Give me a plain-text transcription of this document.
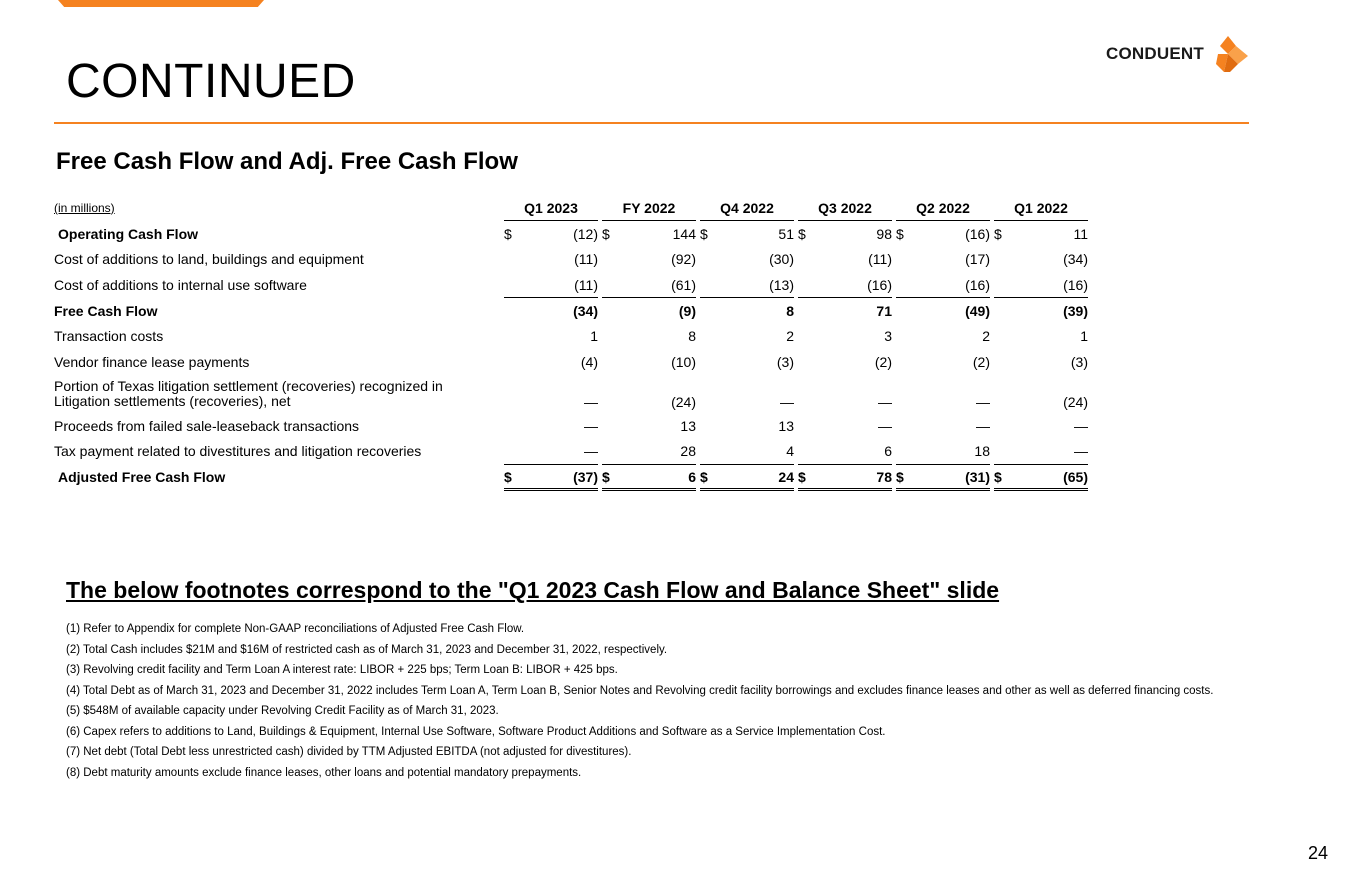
CONTINUED
CONDUENT
Free Cash Flow and Adj. Free Cash Flow
(in millions)		Q1 2023			FY 2022			Q4 2022			Q3 2022			Q2 2022			Q1 2022	
Operating Cash Flow		$	(12)		$	144		$	51		$	98		$	(16)		$	11
Cost of additions to land, buildings and equipment			(11)			(92)			(30)			(11)			(17)			(34)
Cost of additions to internal use software			(11)			(61)			(13)			(16)			(16)			(16)
Free Cash Flow			(34)			(9)			8			71			(49)			(39)
Transaction costs			1			8			2			3			2			1
Vendor finance lease payments			(4)			(10)			(3)			(2)			(2)			(3)

Portion of Texas litigation settlement (recoveries) recognized in
Litigation settlements (recoveries), net			—			(24)			—			—			—			(24)
Proceeds from failed sale-leaseback transactions			—			13			13			—			—			—
Tax payment related to divestitures and litigation recoveries			—			28			4			6			18			—
Adjusted Free Cash Flow		$	(37)		$	6		$	24		$	78		$	(31)		$	(65)
The below footnotes correspond to the "Q1 2023 Cash Flow and Balance Sheet" slide

(1) Refer to Appendix for complete Non-GAAP reconciliations of Adjusted Free Cash Flow.

(2) Total Cash includes $21M and $16M of restricted cash as of March 31, 2023 and December 31, 2022, respectively.

(3) Revolving credit facility and Term Loan A interest rate: LIBOR + 225 bps; Term Loan B: LIBOR + 425 bps.

(4) Total Debt as of March 31, 2023 and December 31, 2022 includes Term Loan A, Term Loan B, Senior Notes and Revolving credit facility borrowings and excludes finance leases and other as well as deferred financing costs.

(5) $548M of available capacity under Revolving Credit Facility as of March 31, 2023.

(6) Capex refers to additions to Land, Buildings & Equipment, Internal Use Software, Software Product Additions and Software as a Service Implementation Cost.

(7) Net debt (Total Debt less unrestricted cash) divided by TTM Adjusted EBITDA (not adjusted for divestitures).

(8) Debt maturity amounts exclude finance leases, other loans and potential mandatory prepayments.

24
